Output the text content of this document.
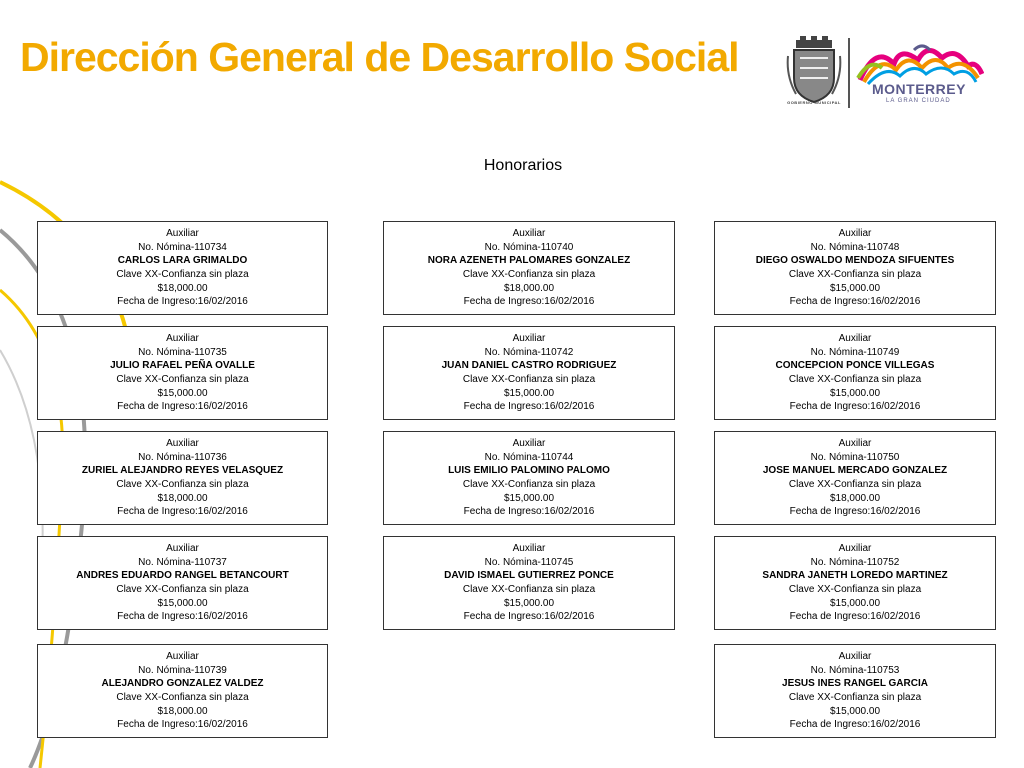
Dirección General de Desarrollo Social
GOBIERNO MUNICIPAL
MONTERREY
LA GRAN CIUDAD
Honorarios
Auxiliar
No. Nómina-110734
CARLOS LARA GRIMALDO
Clave XX-Confianza sin plaza
$18,000.00
Fecha de Ingreso:16/02/2016
Auxiliar
No. Nómina-110740
NORA AZENETH PALOMARES GONZALEZ
Clave XX-Confianza sin plaza
$18,000.00
Fecha de Ingreso:16/02/2016
Auxiliar
No. Nómina-110748
DIEGO OSWALDO MENDOZA SIFUENTES
Clave XX-Confianza sin plaza
$15,000.00
Fecha de Ingreso:16/02/2016
Auxiliar
No. Nómina-110735
JULIO RAFAEL PEÑA OVALLE
Clave XX-Confianza sin plaza
$15,000.00
Fecha de Ingreso:16/02/2016
Auxiliar
No. Nómina-110742
JUAN DANIEL CASTRO RODRIGUEZ
Clave XX-Confianza sin plaza
$15,000.00
Fecha de Ingreso:16/02/2016
Auxiliar
No. Nómina-110749
CONCEPCION PONCE VILLEGAS
Clave XX-Confianza sin plaza
$15,000.00
Fecha de Ingreso:16/02/2016
Auxiliar
No. Nómina-110736
ZURIEL ALEJANDRO REYES VELASQUEZ
Clave XX-Confianza sin plaza
$18,000.00
Fecha de Ingreso:16/02/2016
Auxiliar
No. Nómina-110744
LUIS EMILIO PALOMINO PALOMO
Clave XX-Confianza sin plaza
$15,000.00
Fecha de Ingreso:16/02/2016
Auxiliar
No. Nómina-110750
JOSE MANUEL MERCADO GONZALEZ
Clave XX-Confianza sin plaza
$18,000.00
Fecha de Ingreso:16/02/2016
Auxiliar
No. Nómina-110737
ANDRES EDUARDO RANGEL BETANCOURT
Clave XX-Confianza sin plaza
$15,000.00
Fecha de Ingreso:16/02/2016
Auxiliar
No. Nómina-110745
DAVID ISMAEL GUTIERREZ PONCE
Clave XX-Confianza sin plaza
$15,000.00
Fecha de Ingreso:16/02/2016
Auxiliar
No. Nómina-110752
SANDRA JANETH LOREDO MARTINEZ
Clave XX-Confianza sin plaza
$15,000.00
Fecha de Ingreso:16/02/2016
Auxiliar
No. Nómina-110739
ALEJANDRO GONZALEZ VALDEZ
Clave XX-Confianza sin plaza
$18,000.00
Fecha de Ingreso:16/02/2016
Auxiliar
No. Nómina-110753
JESUS INES RANGEL GARCIA
Clave XX-Confianza sin plaza
$15,000.00
Fecha de Ingreso:16/02/2016
